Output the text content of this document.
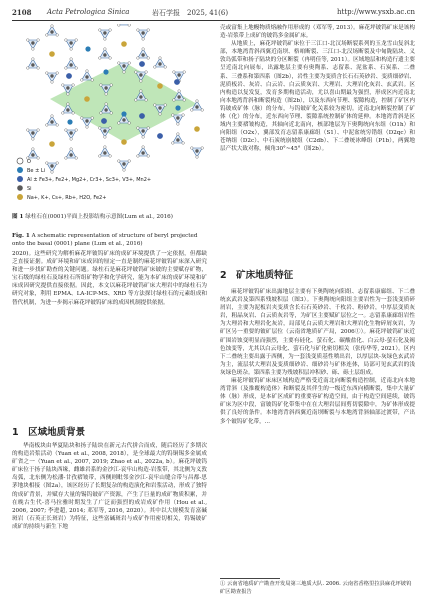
2108 Acta Petrologica Sinica	岩石学报　 2025, 41(6)	http://www.ysxb.ac.cn
O
Be ± Li
Al ± Fe3+, Fe2+, Mg2+, Cr3+, Sc3+, V3+, Mn2+
Si
Na+, K+, Cs+, Rb+, H2O, Fe2+
图 1 绿柱石在(0001)平面上投影结构示意图(Lum et al., 2016)
Fig. 1 A schematic representation of structure of beryl projected onto the basal (0001) plane (Lum et al., 2016)

2020)。这些研究为解析麻花坪铍钨矿床的成矿环境提供了一定依据，但都缺乏直接证据。成矿环境和矿床成因的厘定一直是制约麻花坪铍钨矿床深入研究和进一步找矿勘查的关键问题。绿柱石是麻花坪铍钨矿床铍的主要赋存矿物，宝石级的绿柱石及绿柱石所组矿物学和化学研究，能为本矿床的成矿环境和矿床成因研究提供直接依据。因此，本文以麻花坪铍钨矿床大理岩中的绿柱石为研究对象，利用 EPMA、LA-ICP-MS、XRD 等方法探讨绿柱石的元素组成和替代机制，为进一步揭示麻花坪铍钨矿床的成因机制提供依据。

1　区域地质背景

华南板块由华夏陆块和扬子陆块在新元古代拼合而成，随后经历了多期次的构造岩浆活动（Yuan et al., 2008, 2018），是全球最大的钨铜锡多金属成矿省之一（Yuan et al., 2007, 2019; Zhao et al., 2022a, b）。麻花坪铍钨矿床位于扬子陆块西缘，雌雄岩系的金沙江-哀牢山构造-岩浆带，其北侧为义敦岛弧，北东侧为松潘-甘孜褶皱带，西侧则毗邻金沙江-哀牢山缝合带与昌都-思茅地块相接（图2a），该区经历了长期复杂的构造演化和岩浆活动，形成了独特的成矿背景，并赋存大量的锡钨铍矿产资源，产生了巨量的成矿物质积累，并在晚古生代-喜马拉雅时期发生了广泛而强烈的成岩成矿作用（Hou et al., 2006, 2007; 李进超, 2014; 邓军等, 2016, 2020）。其中以大规模发育富碱斑岩（石英正长斑岩）为特征，这些富碱斑岩与成矿作用密切相关，钨锡铍矿成矿的持续与新生下地

壳或富集上地幔物质熔融作用形成的（邓军等, 2013）。麻花坪铍钨矿床是该构造-岩浆带上成矿的铍钨多金属矿床。

从地质上，麻花坪铍钨矿床位于三江口-北汉场断裂系列的玉龙雪山复斜北部，本地湾背斜西翼近南坝、格咱断裂、三江口-北汉场断裂及中甸陇陆块、义敦岛弧带和扬子陆块的分区断裂（冉明佳等, 2011）。区域地层和构造行遗主要呈近南北向展布，出露地层主要有奥陶系、志留系、泥盆系、石炭系、二叠系、三叠系和第四系（图2b），岩性主要为变质含长石石英砂岩、变质细砂岩、泥质板岩、灰岩、白云岩、白云质灰岩、大理岩、大理岩化灰岩、玄武岩。区内构造以复发复，发育多期构造活动，尤以喜山期最为强烈，形成区内近南北向本地湾背斜和断裂构造（图2b），以及东西向节理、裂隙构造，控制了矿区内钨铍成矿体（脉）的分布，与钨铍矿化关系较为密切。近南北向断裂控制了矿体（化）的分布，近东西向节理、裂隙系统控制矿体的延伸。本地湾背斜是区域内主要褶皱构造，其轴向近北南向，核部地层为下奥陶统向东组（O1h）和向阳组（O2x），翼部发育志留系康廊组（S1）、中泥盆统穷错组（D2qc）和苍纳组（D2c）、中石炭统崩坡组（C2db）、下二叠统冰峰组（P1b），两翼地层产状大致对称，倾角30°~45°（图2b）。

2　矿床地质特征

麻花坪铍钨矿床出露地层主要有下奥陶统向阳组、志留系康廊组、下二叠统玄武岩及第四系残坡积层（图3）。下奥陶统向阳组主要岩性为一套浅变质碎屑岩，主要为泥板岩夹变质含长石石英砂岩、千枚岩、粉砂岩，中厚层变质灰岩，粗晶灰岩、白云质灰岩等，为矿区主要赋矿层位之一。志留系康廊组岩性为大理岩和大理岩化灰岩，局部见白云质大理岩和大理岩化生物碎屑灰岩，为矿区另一重要的铍矿层位（云南省地质矿产局，2006①）。麻花坪铍钨矿床近矿围岩蚀变明显而强烈，主要有硅化、萤石化、碳酸盐化、白云母-萤石化及褐色蚀变等，尤其以白云母化、萤石化与矿化密切相关（张传华等, 2021）。区内下二叠统主要出露于西侧，为一套浅变质基性喷出岩，以厚层块-灰绿色玄武岩为主，流层状大理岩及变质细砂岩、细砂岩与矿体连体，局部可见玄武岩的浅灰绿色斑杂。第四系主要为残坡积层冲积砂、砾、砾土层组成。

麻花坪铍钨矿床床区域构造严格受近南北向断裂构造控制，近南北向本地湾背斜（及推覆构造体）和断裂及其伴生的一级近东西向横断裂，集中大量矿体（脉）形成，是本矿区成矿的重要容矿构造空间，由于构造空间延续，铍钨矿床为区中段，富铍钨矿化带集中在在大理岩层间剪切裂隙中，为矿体形成提供了良好的条件。本地湾背斜西翼近南坝断裂与本地湾背斜轴部过渡带，产出多个铍钨矿化带，...

① 云南省地质矿产勘查开发局第三地质大队. 2006. 云南省香格里拉县麻花坪铍钨矿区勘查报告
